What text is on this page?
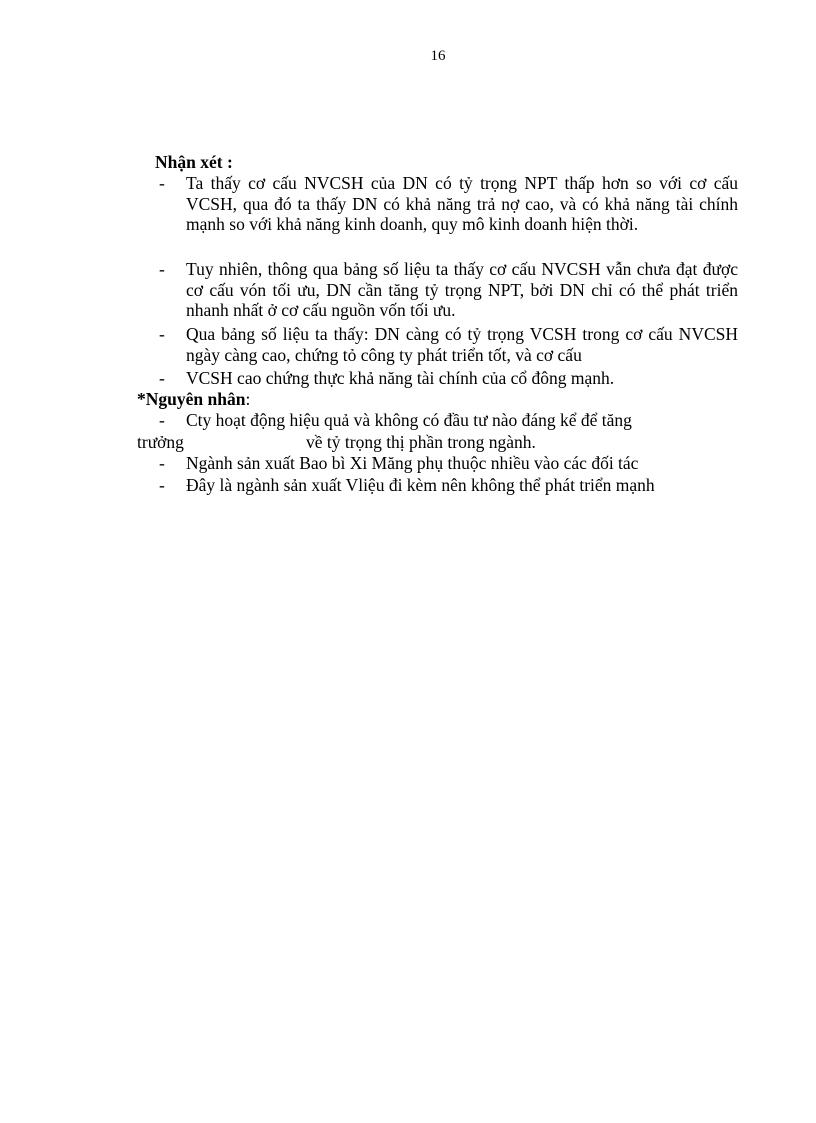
16
Nhận xét :
- Ta thấy cơ cấu NVCSH của DN có tỷ trọng NPT thấp hơn so với cơ cấu VCSH, qua đó ta thấy DN có khả năng trả nợ cao, và có khả năng tài chính mạnh so với khả năng kinh doanh, quy mô kinh doanh hiện thời.
- Tuy nhiên, thông qua bảng số liệu ta thấy cơ cấu NVCSH vẫn chưa đạt được cơ cấu vón tối ưu, DN cần tăng tỷ trọng NPT, bởi DN chỉ có thể phát triển nhanh nhất ở cơ cấu nguồn vốn tối ưu.
- Qua bảng số liệu ta thấy: DN càng có tỷ trọng VCSH trong cơ cấu NVCSH ngày càng cao, chứng tỏ công ty phát triển tốt, và cơ cấu
- VCSH cao chứng thực khả năng tài chính của cổ đông mạnh.
*Nguyên nhân:
- Cty hoạt động hiệu quả và không có đầu tư nào đáng kể để tăng
trưởng	về tỷ trọng thị phần trong ngành.
- Ngành sản xuất Bao bì Xi Măng phụ thuộc nhiều vào các đối tác
- Đây là ngành sản xuất Vliệu đi kèm nên không thể phát triển mạnh
